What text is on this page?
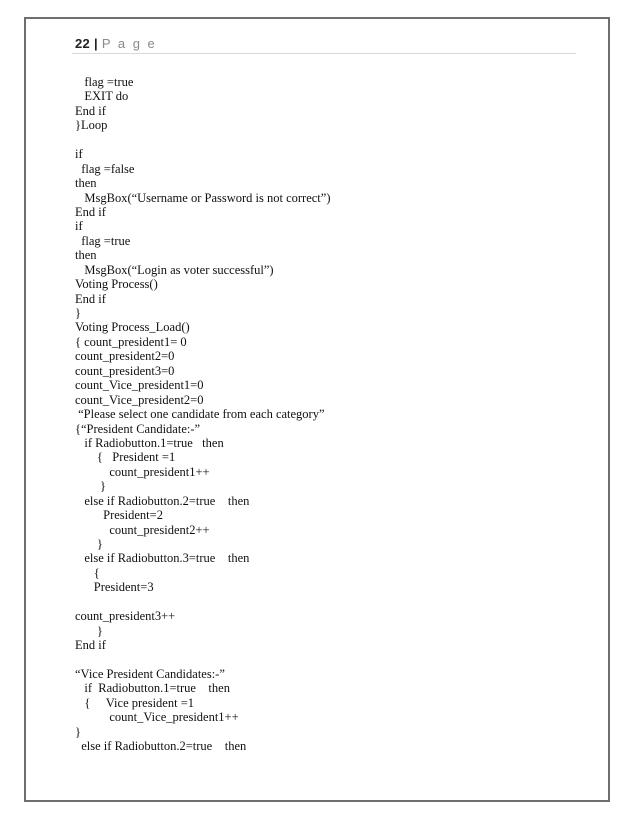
22 | P a g e
flag =true
EXIT do
End if
}Loop
if
flag =false
then
MsgBox(“Username or Password is not correct”)
End if
if
flag =true
then
MsgBox(“Login as voter successful”)
Voting Process()
End if
}
Voting Process_Load()
{ count_president1= 0
count_president2=0
count_president3=0
count_Vice_president1=0
count_Vice_president2=0
“Please select one candidate from each category”
{“President Candidate:-”
if Radiobutton.1=true   then
{   President =1
count_president1++
}
else if Radiobutton.2=true    then
President=2
count_president2++
}
else if Radiobutton.3=true    then
{
President=3
count_president3++
}
End if
“Vice President Candidates:-”
if  Radiobutton.1=true    then
{     Vice president =1
count_Vice_president1++
}
else if Radiobutton.2=true    then
